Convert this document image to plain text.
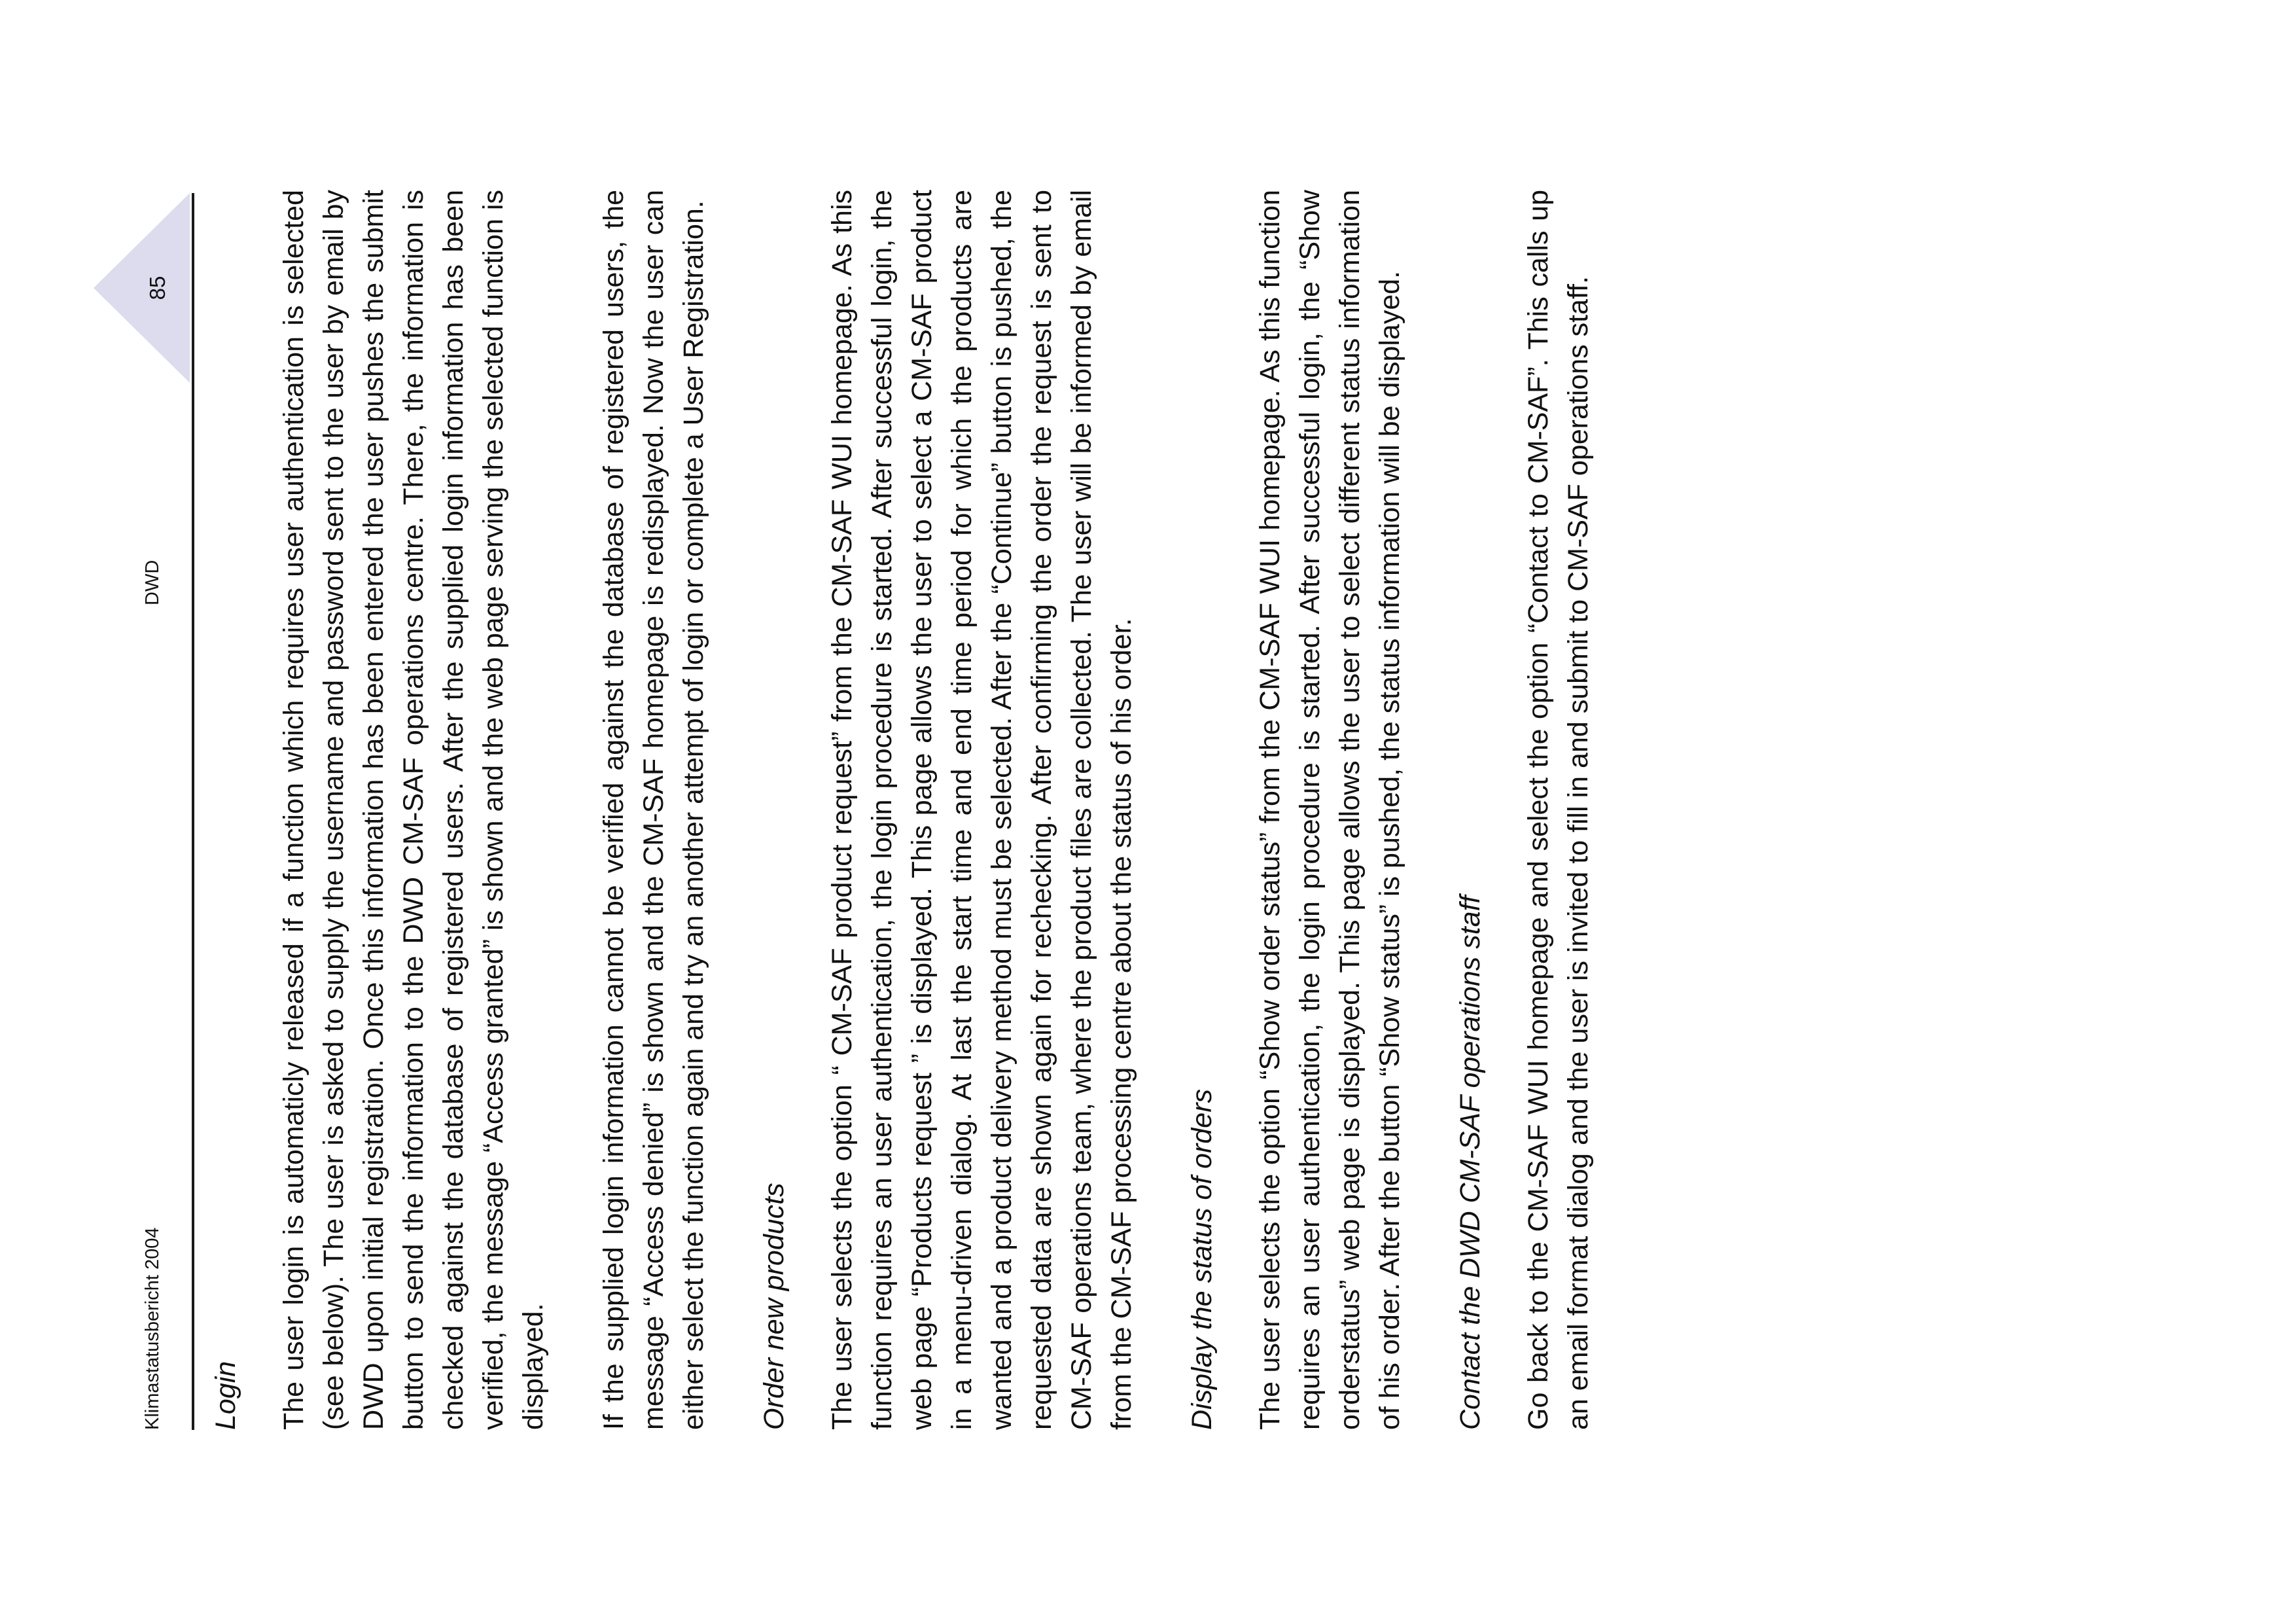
Klimastatusbericht 2004
DWD
85

Login The user login is automaticly released if a function which requires user authentication is selected (see below). The user is asked to supply the username and password sent to the user by email by DWD upon initial registration. Once this information has been entered the user pushes the submit button to send the information to the DWD CM-SAF operations centre. There, the information is checked against the database of registered users. After the supplied login information has been verified, the message “Access granted” is shown and the web page serving the selected function is displayed. If the supplied login information cannot be verified against the database of registered users, the message “Access denied” is shown and the CM-SAF homepage is redisplayed. Now the user can either select the function again and try an another attempt of login or complete a User Registration. Order new products The user selects the option “ CM-SAF product request” from the CM-SAF WUI homepage. As this function requires an user authentication, the login procedure is started. After successful login, the web page “Products request ” is displayed. This page allows the user to select a CM-SAF product in a menu-driven dialog. At last the start time and end time period for which the products are wanted and a product delivery method must be selected. After the “Continue” button is pushed, the requested data are shown again for rechecking. After confirming the order the request is sent to CM-SAF operations team, where the product files are collected. The user will be informed by email from the CM-SAF processing centre about the status of his order. Display the status of orders The user selects the option “Show order status” from the CM-SAF WUI homepage. As this function requires an user authentication, the login procedure is started. After successful login, the “Show orderstatus” web page is displayed. This page allows the user to select different status information of his order. After the button “Show status” is pushed, the status information will be displayed. Contact the DWD CM-SAF operations staff Go back to the CM-SAF WUI homepage and select the option “Contact to CM-SAF”. This calls up an email format dialog and the user is invited to fill in and submit to CM-SAF operations staff.
